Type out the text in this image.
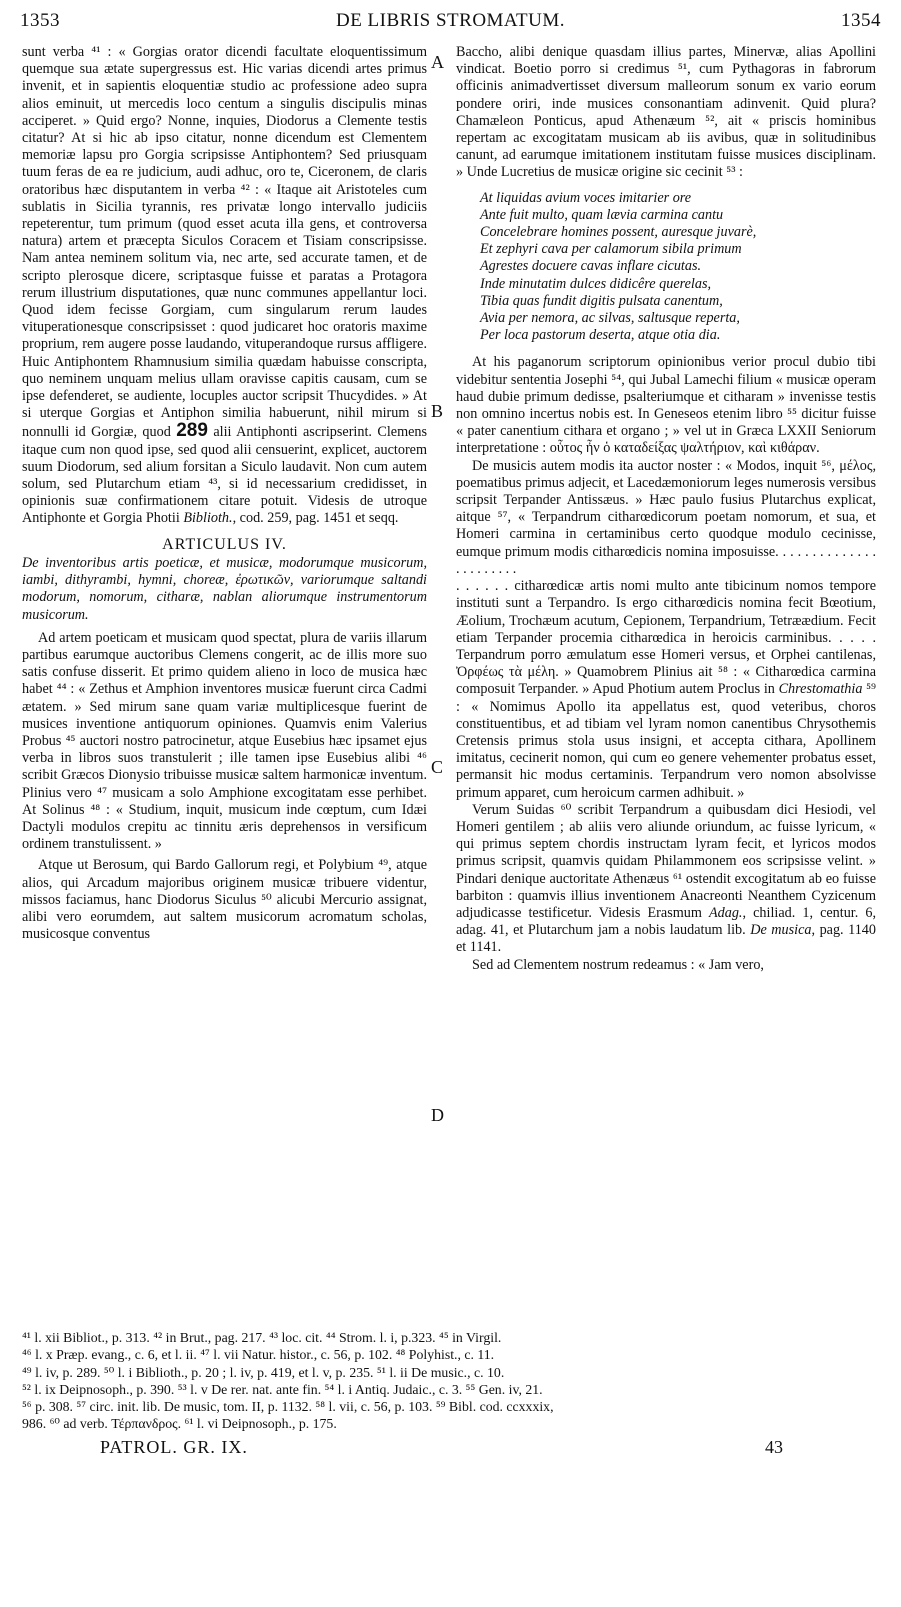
1353	DE LIBRIS STROMATUM.	1354

sunt verba ⁴¹ : « Gorgias orator dicendi facultate eloquentissimum quemque sua ætate supergressus est. Hic varias dicendi artes primus invenit, et in sapientis eloquentiæ studio ac professione adeo supra alios eminuit, ut mercedis loco centum a singulis discipulis minas acciperet. » Quid ergo? Nonne, inquies, Diodorus a Clemente testis citatur? At si hic ab ipso citatur, nonne dicendum est Clementem memoriæ lapsu pro Gorgia scripsisse Antiphontem? Sed priusquam tuum feras de ea re judicium, audi adhuc, oro te, Ciceronem, de claris oratoribus hæc disputantem in verba ⁴² : « Itaque ait Aristoteles cum sublatis in Sicilia tyrannis, res privatæ longo intervallo judiciis repeterentur, tum primum (quod esset acuta illa gens, et controversa natura) artem et præcepta Siculos Coracem et Tisiam conscripsisse. Nam antea neminem solitum via, nec arte, sed accurate tamen, et de scripto plerosque dicere, scriptasque fuisse et paratas a Protagora rerum illustrium disputationes, quæ nunc communes appellantur loci. Quod idem fecisse Gorgiam, cum singularum rerum laudes vituperationesque conscripsisset : quod judicaret hoc oratoris maxime proprium, rem augere posse laudando, vituperandoque rursus affligere. Huic Antiphontem Rhamnusium similia quædam habuisse conscripta, quo neminem unquam melius ullam oravisse capitis causam, cum se ipse defenderet, se audiente, locuples auctor scripsit Thucydides. » At si uterque Gorgias et Antiphon similia habuerunt, nihil mirum si nonnulli id Gorgiæ, quod 289 alii Antiphonti ascripserint. Clemens itaque cum non quod ipse, sed quod alii censuerint, explicet, auctorem suum Diodorum, sed alium forsitan a Siculo laudavit. Non cum autem solum, sed Plutarchum etiam ⁴³, si id necessarium credidisset, in opinionis suæ confirmationem citare potuit. Videsis de utroque Antiphonte et Gorgia Photii Biblioth., cod. 259, pag. 1451 et seqq.

ARTICULUS IV.

De inventoribus artis poeticæ, et musicæ, modorumque musicorum, iambi, dithyrambi, hymni, choreæ, ἐρωτικῶν, variorumque saltandi modorum, nomorum, citharæ, nablan aliorumque instrumentorum musicorum.

Ad artem poeticam et musicam quod spectat, plura de variis illarum partibus earumque auctoribus Clemens congerit, ac de illis more suo satis confuse disserit. Et primo quidem alieno in loco de musica hæc habet ⁴⁴ : « Zethus et Amphion inventores musicæ fuerunt circa Cadmi ætatem. » Sed mirum sane quam variæ multiplicesque fuerint de musices inventione antiquorum opiniones. Quamvis enim Valerius Probus ⁴⁵ auctori nostro patrocinetur, atque Eusebius hæc ipsamet ejus verba in libros suos transtulerit ; ille tamen ipse Eusebius alibi ⁴⁶ scribit Græcos Dionysio tribuisse musicæ saltem harmonicæ inventum. Plinius vero ⁴⁷ musicam a solo Amphione excogitatam esse perhibet. At Solinus ⁴⁸ : « Studium, inquit, musicum inde cœptum, cum Idæi Dactyli modulos crepitu ac tinnitu æris deprehensos in versificum ordinem transtulissent. »

Atque ut Berosum, qui Bardo Gallorum regi, et Polybium ⁴⁹, atque alios, qui Arcadum majoribus originem musicæ tribuere videntur, missos faciamus, hanc Diodorus Siculus ⁵⁰ alicubi Mercurio assignat, alibi vero eorumdem, aut saltem musicorum acromatum scholas, musicosque conventus

A
B
C
D

Baccho, alibi denique quasdam illius partes, Minervæ, alias Apollini vindicat. Boetio porro si credimus ⁵¹, cum Pythagoras in fabrorum officinis animadvertisset diversum malleorum sonum ex vario eorum pondere oriri, inde musices consonantiam adinvenit. Quid plura? Chamæleon Ponticus, apud Athenæum ⁵², ait « priscis hominibus repertam ac excogitatam musicam ab iis avibus, quæ in solitudinibus canunt, ad earumque imitationem institutam fuisse musices disciplinam. » Unde Lucretius de musicæ origine sic cecinit ⁵³ :

At liquidas avium voces imitarier ore
Ante fuit multo, quam lævia carmina cantu
Concelebrare homines possent, auresque juvarè,
Et zephyri cava per calamorum sibila primum
Agrestes docuere cavas inflare cicutas.
Inde minutatim dulces didicêre querelas,
Tibia quas fundit digitis pulsata canentum,
Avia per nemora, ac silvas, saltusque reperta,
Per loca pastorum deserta, atque otia dia.

At his paganorum scriptorum opinionibus verior procul dubio tibi videbitur sententia Josephi ⁵⁴, qui Jubal Lamechi filium « musicæ operam haud dubie primum dedisse, psalteriumque et citharam » invenisse testis non omnino incertus nobis est. In Geneseos etenim libro ⁵⁵ dicitur fuisse « pater canentium cithara et organo ; » vel ut in Græca LXXII Seniorum interpretatione : οὗτος ἦν ὁ καταδείξας ψαλτήριον, καὶ κιθάραν.

De musicis autem modis ita auctor noster : « Modos, inquit ⁵⁶, μέλος, poematibus primus adjecit, et Lacedæmoniorum leges numerosis versibus scripsit Terpander Antissæus. » Hæc paulo fusius Plutarchus explicat, aitque ⁵⁷, « Terpandrum citharœdicorum poetam nomorum, et sua, et Homeri carmina in certaminibus certo quodque modulo cecinisse, eumque primum modis citharœdicis nomina imposuisse. . . . . . . . . . . . . . . . . . . . . . .

. . . . . . citharœdicæ artis nomi multo ante tibicinum nomos tempore instituti sunt a Terpandro. Is ergo citharœdicis nomina fecit Bœotium, Æolium, Trochæum acutum, Cepionem, Terpandrium, Tetræædium. Fecit etiam Terpander procemia citharœdica in heroicis carminibus. . . . . Terpandrum porro æmulatum esse Homeri versus, et Orphei cantilenas, Ὀρφέως τὰ μέλη. » Quamobrem Plinius ait ⁵⁸ : « Citharœdica carmina composuit Terpander. » Apud Photium autem Proclus in Chrestomathia ⁵⁹ : « Nomimus Apollo ita appellatus est, quod veteribus, choros constituentibus, et ad tibiam vel lyram nomon canentibus Chrysothemis Cretensis primus stola usus insigni, et accepta cithara, Apollinem imitatus, cecinerit nomon, qui cum eo genere vehementer probatus esset, permansit hic modus certaminis. Terpandrum vero nomon absolvisse primum apparet, cum heroicum carmen adhibuit. »

Verum Suidas ⁶⁰ scribit Terpandrum a quibusdam dici Hesiodi, vel Homeri gentilem ; ab aliis vero aliunde oriundum, ac fuisse lyricum, « qui primus septem chordis instructam lyram fecit, et lyricos modos primus scripsit, quamvis quidam Philammonem eos scripsisse velint. » Pindari denique auctoritate Athenæus ⁶¹ ostendit excogitatum ab eo fuisse barbiton : quamvis illius inventionem Anacreonti Neanthem Cyzicenum adjudicasse testificetur. Videsis Erasmum Adag., chiliad. 1, centur. 6, adag. 41, et Plutarchum jam a nobis laudatum lib. De musica, pag. 1140 et 1141.

Sed ad Clementem nostrum redeamus : « Jam vero,

⁴¹ l. xii Bibliot., p. 313. ⁴² in Brut., pag. 217. ⁴³ loc. cit. ⁴⁴ Strom. l. i, p.323. ⁴⁵ in Virgil.
⁴⁶ l. x Præp. evang., c. 6, et l. ii. ⁴⁷ l. vii Natur. histor., c. 56, p. 102. ⁴⁸ Polyhist., c. 11.
⁴⁹ l. iv, p. 289. ⁵⁰ l. i Biblioth., p. 20 ; l. iv, p. 419, et l. v, p. 235. ⁵¹ l. ii De music., c. 10.
⁵² l. ix Deipnosoph., p. 390. ⁵³ l. v De rer. nat. ante fin. ⁵⁴ l. i Antiq. Judaic., c. 3. ⁵⁵ Gen. iv, 21.
⁵⁶ p. 308. ⁵⁷ circ. init. lib. De music, tom. II, p. 1132. ⁵⁸ l. vii, c. 56, p. 103. ⁵⁹ Bibl. cod. ccxxxix,
986. ⁶⁰ ad verb. Τέρπανδρος. ⁶¹ l. vi Deipnosoph., p. 175.
PATROL. GR. IX.	43
